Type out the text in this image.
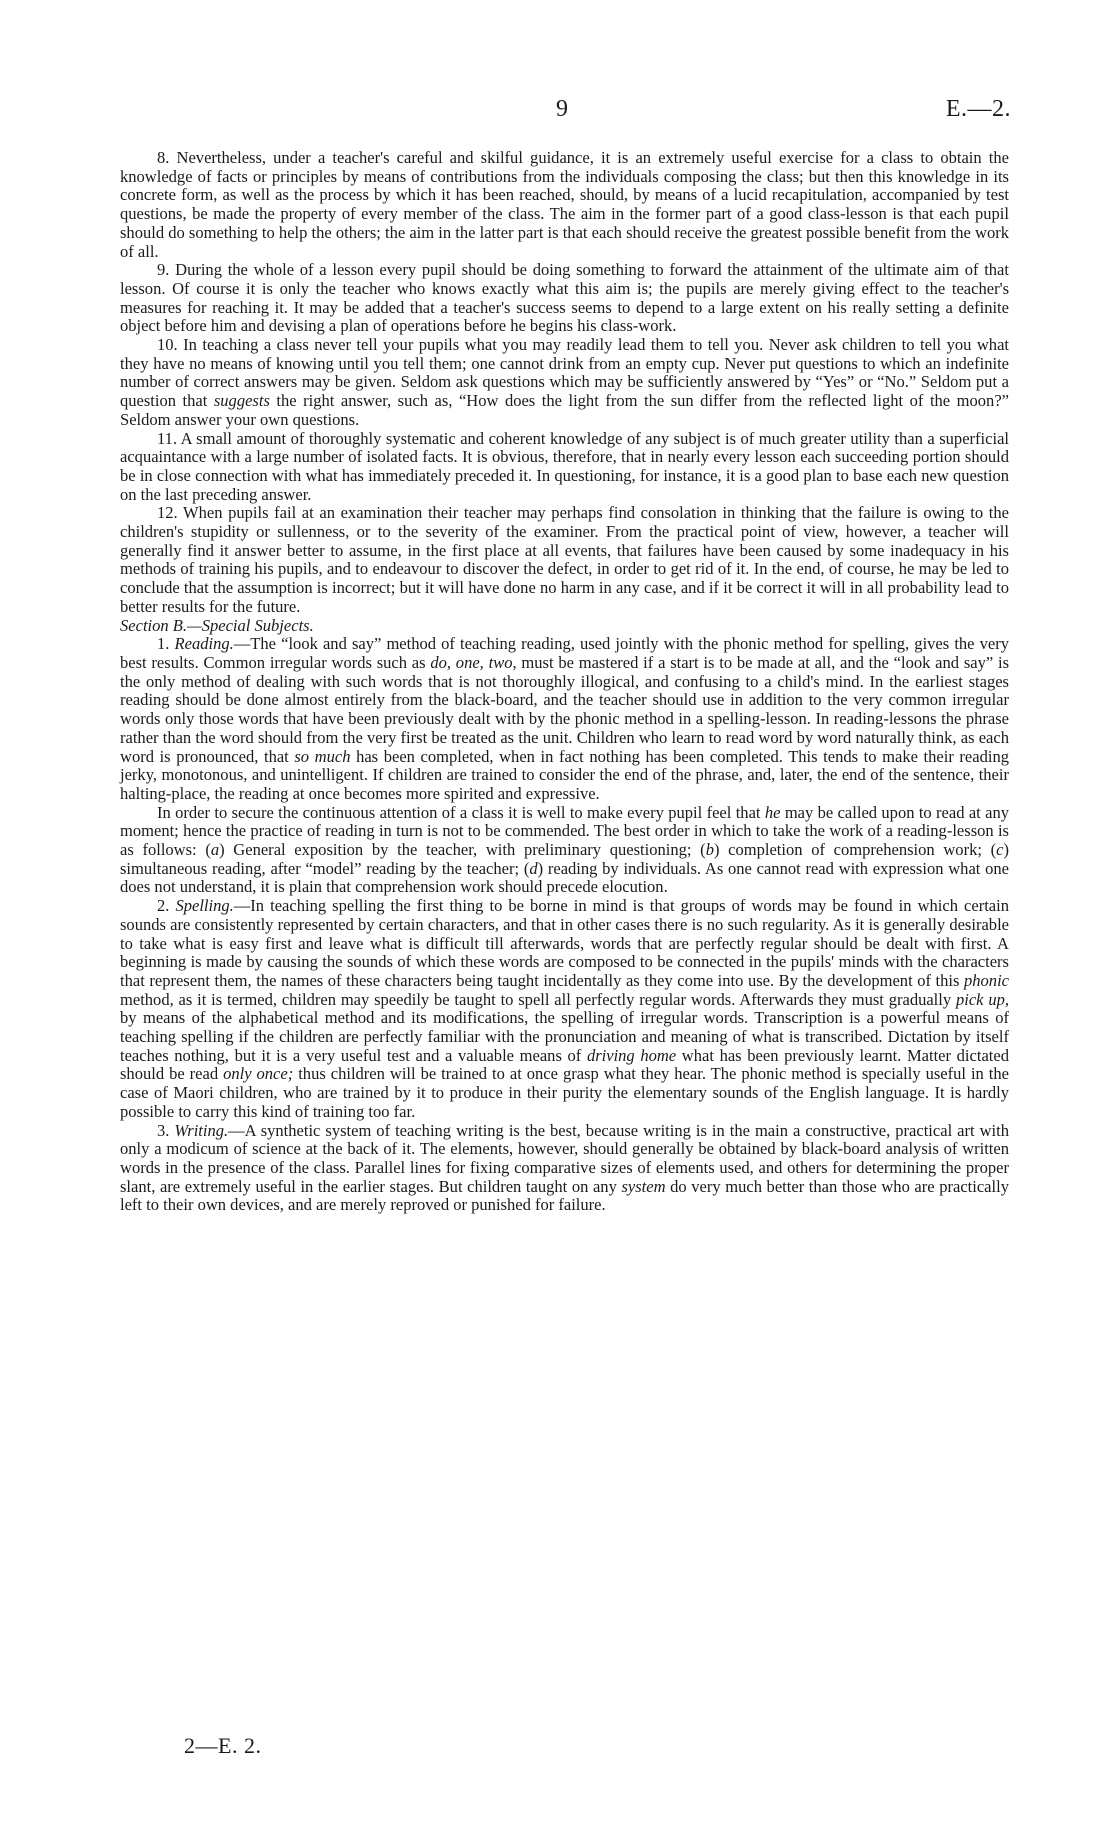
9	E.—2.

8. Nevertheless, under a teacher's careful and skilful guidance, it is an extremely useful exercise for a class to obtain the knowledge of facts or principles by means of contributions from the individuals composing the class; but then this knowledge in its concrete form, as well as the process by which it has been reached, should, by means of a lucid recapitulation, accompanied by test questions, be made the property of every member of the class. The aim in the former part of a good class-lesson is that each pupil should do something to help the others; the aim in the latter part is that each should receive the greatest possible benefit from the work of all.

9. During the whole of a lesson every pupil should be doing something to forward the attainment of the ultimate aim of that lesson. Of course it is only the teacher who knows exactly what this aim is; the pupils are merely giving effect to the teacher's measures for reaching it. It may be added that a teacher's success seems to depend to a large extent on his really setting a definite object before him and devising a plan of operations before he begins his class-work.

10. In teaching a class never tell your pupils what you may readily lead them to tell you. Never ask children to tell you what they have no means of knowing until you tell them; one cannot drink from an empty cup. Never put questions to which an indefinite number of correct answers may be given. Seldom ask questions which may be sufficiently answered by “Yes” or “No.” Seldom put a question that suggests the right answer, such as, “How does the light from the sun differ from the reflected light of the moon?” Seldom answer your own questions.

11. A small amount of thoroughly systematic and coherent knowledge of any subject is of much greater utility than a superficial acquaintance with a large number of isolated facts. It is obvious, therefore, that in nearly every lesson each succeeding portion should be in close connection with what has immediately preceded it. In questioning, for instance, it is a good plan to base each new question on the last preceding answer.

12. When pupils fail at an examination their teacher may perhaps find consolation in thinking that the failure is owing to the children's stupidity or sullenness, or to the severity of the examiner. From the practical point of view, however, a teacher will generally find it answer better to assume, in the first place at all events, that failures have been caused by some inadequacy in his methods of training his pupils, and to endeavour to discover the defect, in order to get rid of it. In the end, of course, he may be led to conclude that the assumption is incorrect; but it will have done no harm in any case, and if it be correct it will in all probability lead to better results for the future.

Section B.—Special Subjects.

1. Reading.—The “look and say” method of teaching reading, used jointly with the phonic method for spelling, gives the very best results. Common irregular words such as do, one, two, must be mastered if a start is to be made at all, and the “look and say” is the only method of dealing with such words that is not thoroughly illogical, and confusing to a child's mind. In the earliest stages reading should be done almost entirely from the black-board, and the teacher should use in addition to the very common irregular words only those words that have been previously dealt with by the phonic method in a spelling-lesson. In reading-lessons the phrase rather than the word should from the very first be treated as the unit. Children who learn to read word by word naturally think, as each word is pronounced, that so much has been completed, when in fact nothing has been completed. This tends to make their reading jerky, monotonous, and unintelligent. If children are trained to consider the end of the phrase, and, later, the end of the sentence, their halting-place, the reading at once becomes more spirited and expressive.

In order to secure the continuous attention of a class it is well to make every pupil feel that he may be called upon to read at any moment; hence the practice of reading in turn is not to be commended. The best order in which to take the work of a reading-lesson is as follows: (a) General exposition by the teacher, with preliminary questioning; (b) completion of comprehension work; (c) simultaneous reading, after “model” reading by the teacher; (d) reading by individuals. As one cannot read with expression what one does not understand, it is plain that comprehension work should precede elocution.

2. Spelling.—In teaching spelling the first thing to be borne in mind is that groups of words may be found in which certain sounds are consistently represented by certain characters, and that in other cases there is no such regularity. As it is generally desirable to take what is easy first and leave what is difficult till afterwards, words that are perfectly regular should be dealt with first. A beginning is made by causing the sounds of which these words are composed to be connected in the pupils' minds with the characters that represent them, the names of these characters being taught incidentally as they come into use. By the development of this phonic method, as it is termed, children may speedily be taught to spell all perfectly regular words. Afterwards they must gradually pick up, by means of the alphabetical method and its modifications, the spelling of irregular words. Transcription is a powerful means of teaching spelling if the children are perfectly familiar with the pronunciation and meaning of what is transcribed. Dictation by itself teaches nothing, but it is a very useful test and a valuable means of driving home what has been previously learnt. Matter dictated should be read only once; thus children will be trained to at once grasp what they hear. The phonic method is specially useful in the case of Maori children, who are trained by it to produce in their purity the elementary sounds of the English language. It is hardly possible to carry this kind of training too far.

3. Writing.—A synthetic system of teaching writing is the best, because writing is in the main a constructive, practical art with only a modicum of science at the back of it. The elements, however, should generally be obtained by black-board analysis of written words in the presence of the class. Parallel lines for fixing comparative sizes of elements used, and others for determining the proper slant, are extremely useful in the earlier stages. But children taught on any system do very much better than those who are practically left to their own devices, and are merely reproved or punished for failure.

2—E. 2.
